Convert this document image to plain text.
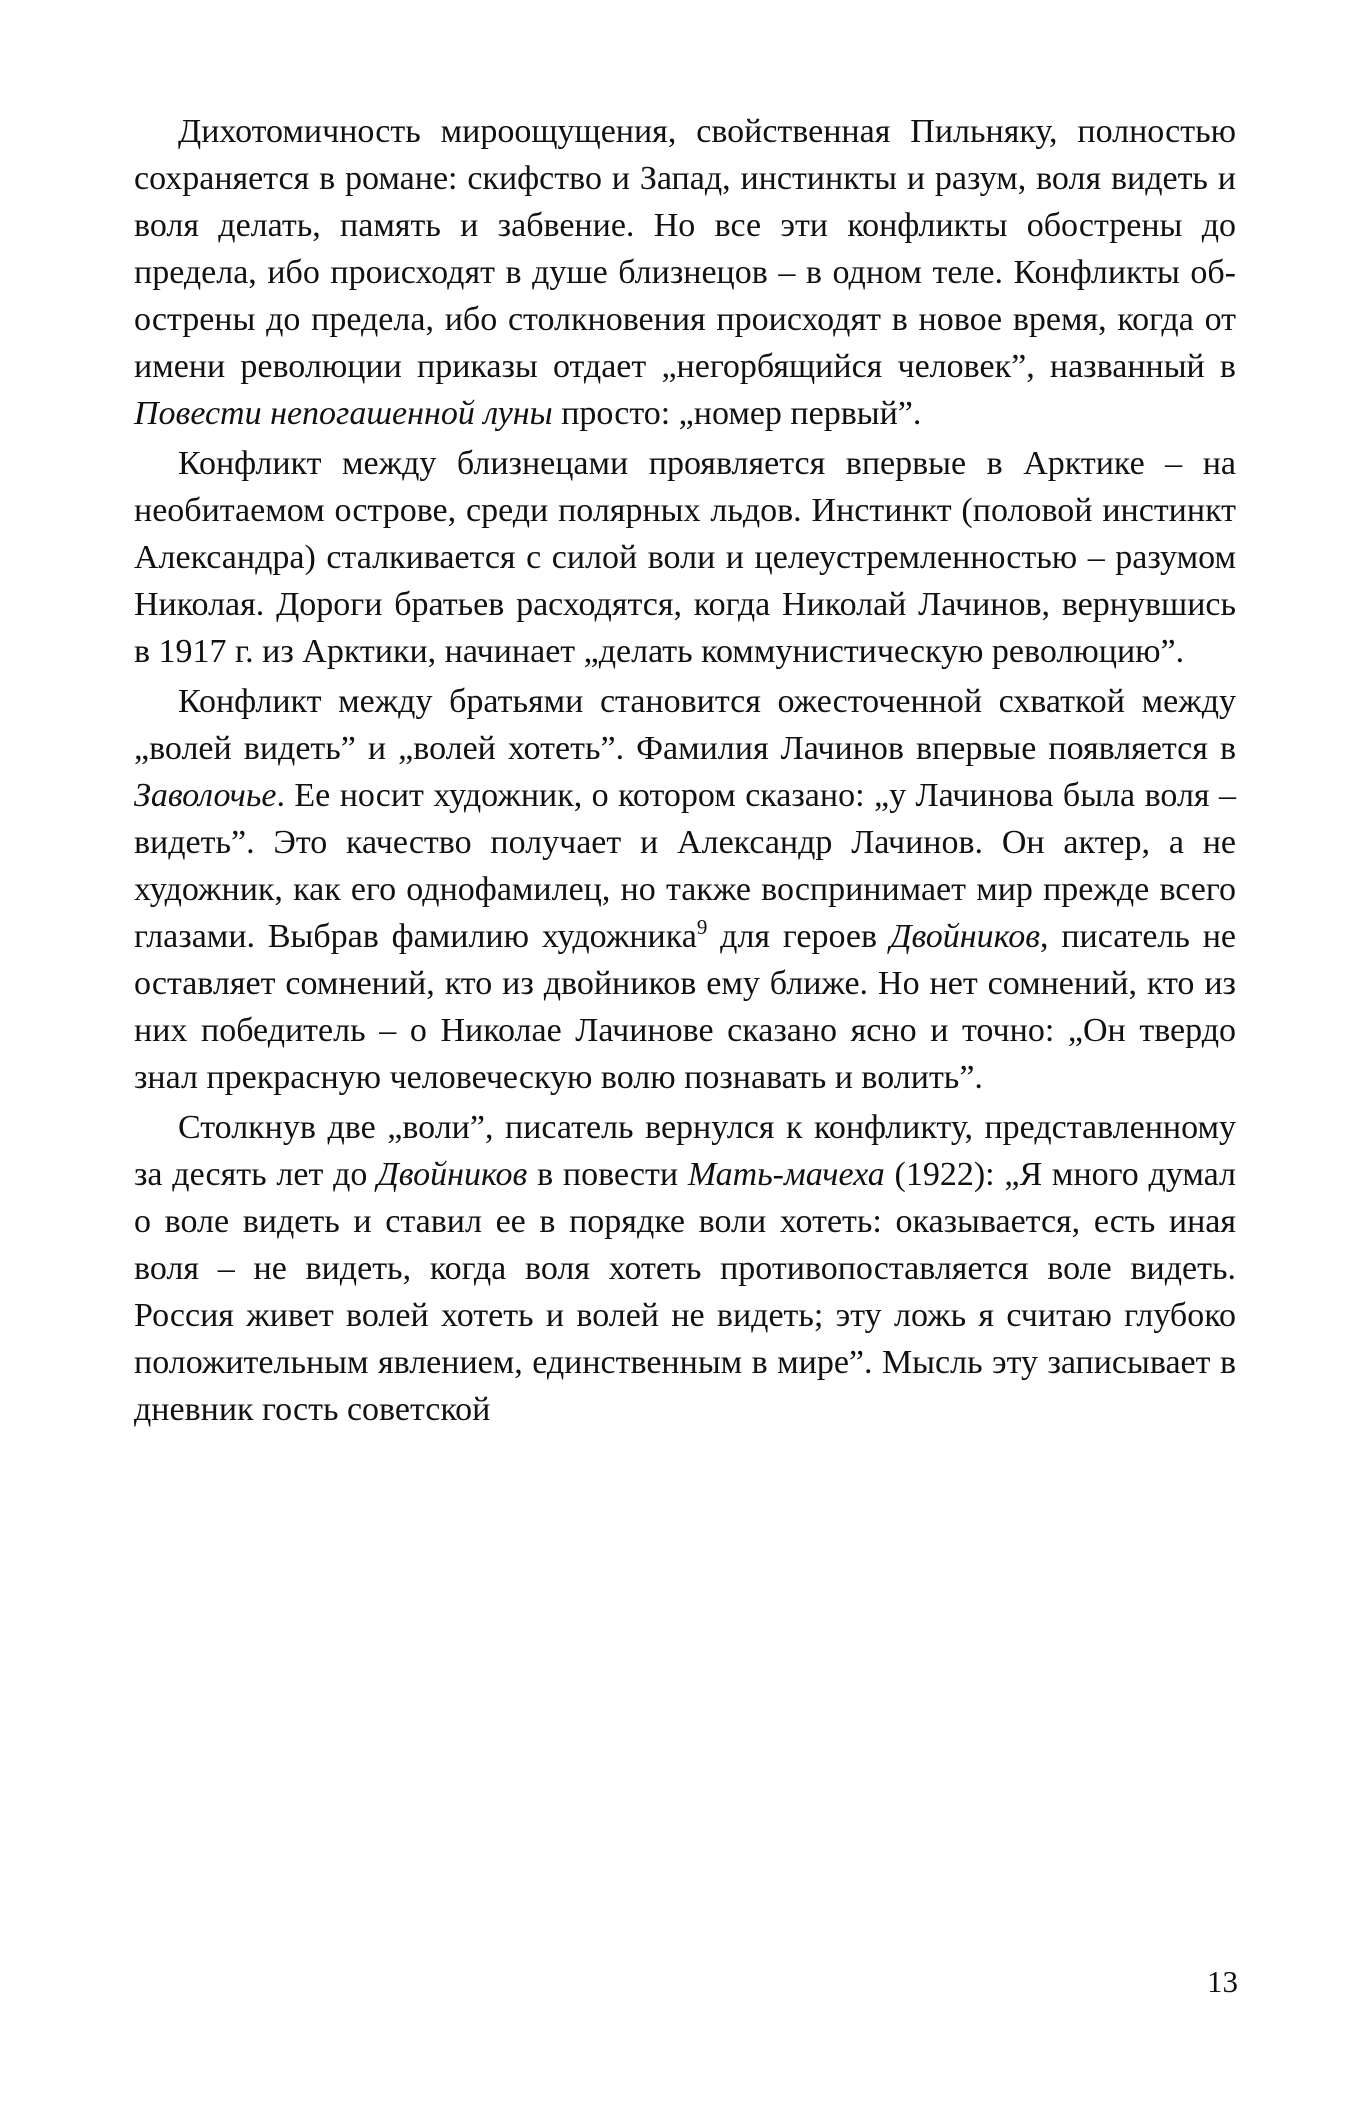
Дихотомичность мироощущения, свойственная Пильняку, полностью сохраняется в романе: скифство и Запад, инстинкты и разум, воля видеть и воля делать, память и забвение. Но все эти конфликты обострены до предела, ибо происходят в душе близнецов – в одном теле. Конфликты обострены до предела, ибо столкновения происходят в новое время, когда от имени революции приказы отдает „негорбящийся человек”, названный в Повести непогашенной луны просто: „номер первый”.

Конфликт между близнецами проявляется впервые в Арктике – на необитаемом острове, среди полярных льдов. Инстинкт (половой инстинкт Александра) сталкивается с силой воли и целеустремленностью – разумом Николая. Дороги братьев расходятся, когда Николай Лачинов, вернувшись в 1917 г. из Арктики, начинает „делать коммунистическую революцию”.

Конфликт между братьями становится ожесточенной схваткой между „волей видеть” и „волей хотеть”. Фамилия Лачинов впервые появляется в Заволочье. Ее носит художник, о котором сказано: „у Лачинова была воля – видеть”. Это качество получает и Александр Лачинов. Он актер, а не художник, как его однофамилец, но также воспринимает мир прежде всего глазами. Выбрав фамилию художника$^9$ для героев Двойников, писатель не оставляет сомнений, кто из двойников ему ближе. Но нет сомнений, кто из них победитель – о Николае Лачинове сказано ясно и точно: „Он твердо знал прекрасную человеческую волю познавать и волить”.

Столкнув две „воли”, писатель вернулся к конфликту, представленному за десять лет до Двойников в повести Мать-мачеха (1922): „Я много думал о воле видеть и ставил ее в порядке воли хотеть: оказывается, есть иная воля – не видеть, когда воля хотеть противопоставляется воле видеть. Россия живет волей хотеть и волей не видеть; эту ложь я считаю глубоко положительным явлением, единственным в мире”. Мысль эту записывает в дневник гость советской

13
